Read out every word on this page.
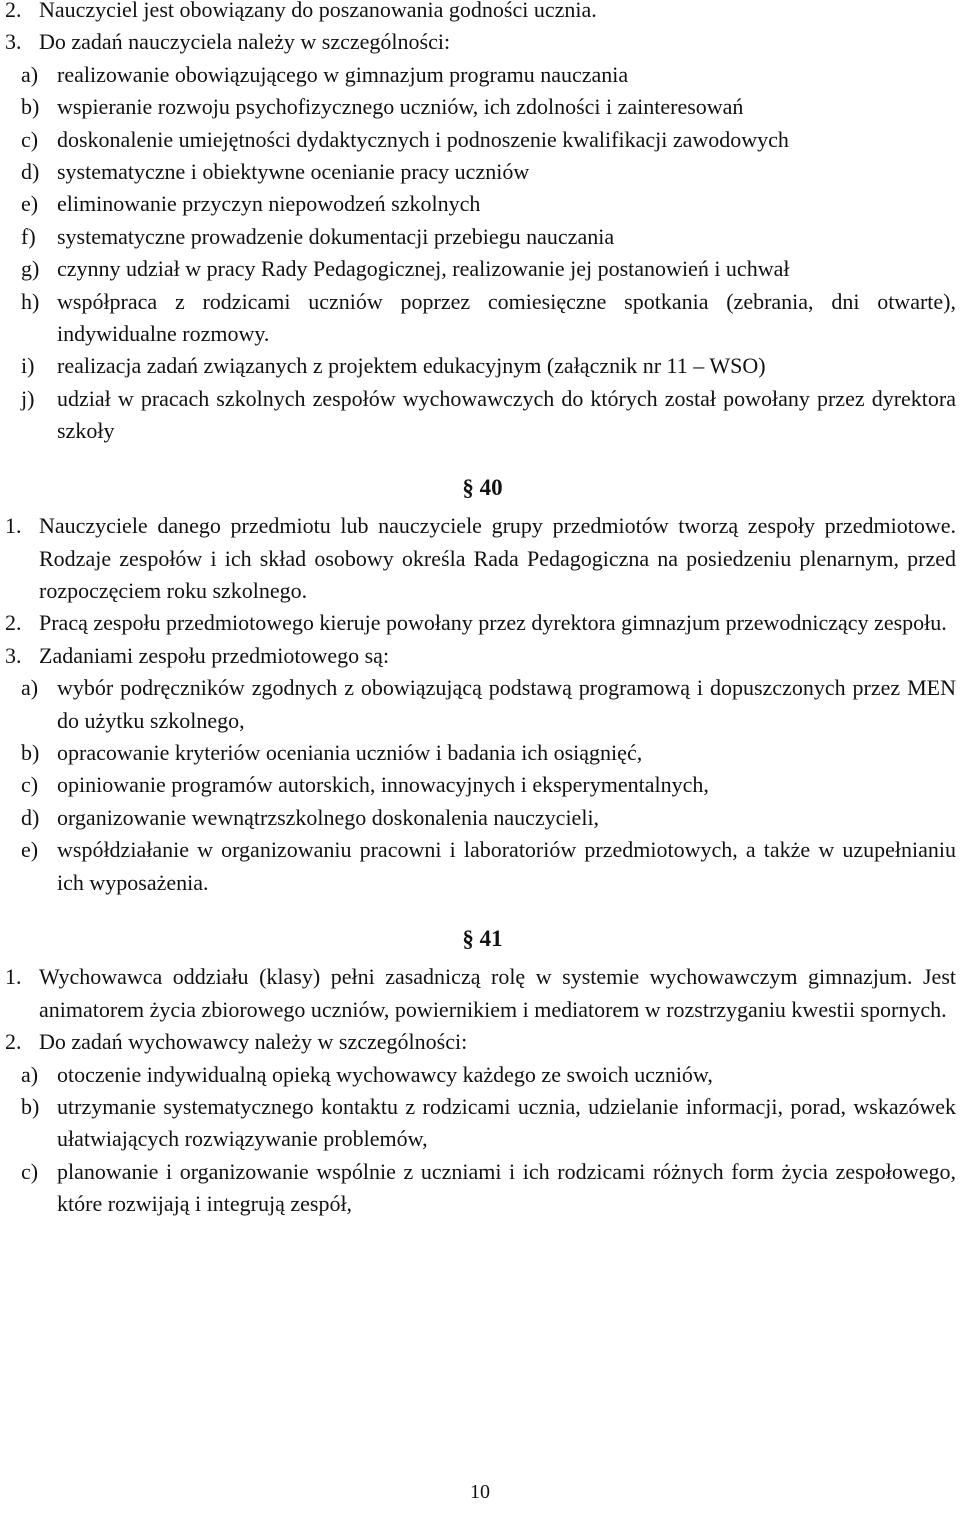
2. Nauczyciel jest obowiązany do poszanowania godności ucznia.
3. Do zadań nauczyciela należy w szczególności:
a) realizowanie obowiązującego w gimnazjum programu nauczania
b) wspieranie rozwoju psychofizycznego uczniów, ich zdolności i zainteresowań
c) doskonalenie umiejętności dydaktycznych i podnoszenie kwalifikacji zawodowych
d) systematyczne i obiektywne ocenianie pracy uczniów
e) eliminowanie przyczyn niepowodzeń szkolnych
f) systematyczne prowadzenie dokumentacji przebiegu nauczania
g) czynny udział w pracy Rady Pedagogicznej, realizowanie jej postanowień i uchwał
h) współpraca z rodzicami uczniów poprzez comiesięczne spotkania (zebrania, dni otwarte), indywidualne rozmowy.
i)	realizacja zadań związanych z projektem edukacyjnym (załącznik nr 11 – WSO)
j)	udział w pracach szkolnych zespołów wychowawczych do których został powołany przez dyrektora szkoły
§ 40
1. Nauczyciele danego przedmiotu lub nauczyciele grupy przedmiotów tworzą zespoły przedmiotowe. Rodzaje zespołów i ich skład osobowy określa Rada Pedagogiczna na posiedzeniu plenarnym, przed rozpoczęciem roku szkolnego.
2. Pracą zespołu przedmiotowego kieruje powołany przez dyrektora gimnazjum przewodniczący zespołu.
3. Zadaniami zespołu przedmiotowego są:
a) wybór podręczników zgodnych z obowiązującą podstawą programową i dopuszczonych przez MEN do użytku szkolnego,
b) opracowanie kryteriów oceniania uczniów i badania ich osiągnięć,
c) opiniowanie programów autorskich, innowacyjnych i eksperymentalnych,
d) organizowanie wewnątrzszkolnego doskonalenia nauczycieli,
e) współdziałanie w organizowaniu pracowni i laboratoriów przedmiotowych, a także w uzupełnianiu ich wyposażenia.
§ 41
1. Wychowawca oddziału (klasy) pełni zasadniczą rolę w systemie wychowawczym gimnazjum. Jest animatorem życia zbiorowego uczniów, powiernikiem i mediatorem w rozstrzyganiu kwestii spornych.
2. Do zadań wychowawcy należy w szczególności:
a) otoczenie indywidualną opieką wychowawcy każdego ze swoich uczniów,
b) utrzymanie systematycznego kontaktu z rodzicami ucznia, udzielanie informacji, porad, wskazówek ułatwiających rozwiązywanie problemów,
c) planowanie i organizowanie wspólnie z uczniami i ich rodzicami różnych form życia zespołowego, które rozwijają i integrują zespół,
10
